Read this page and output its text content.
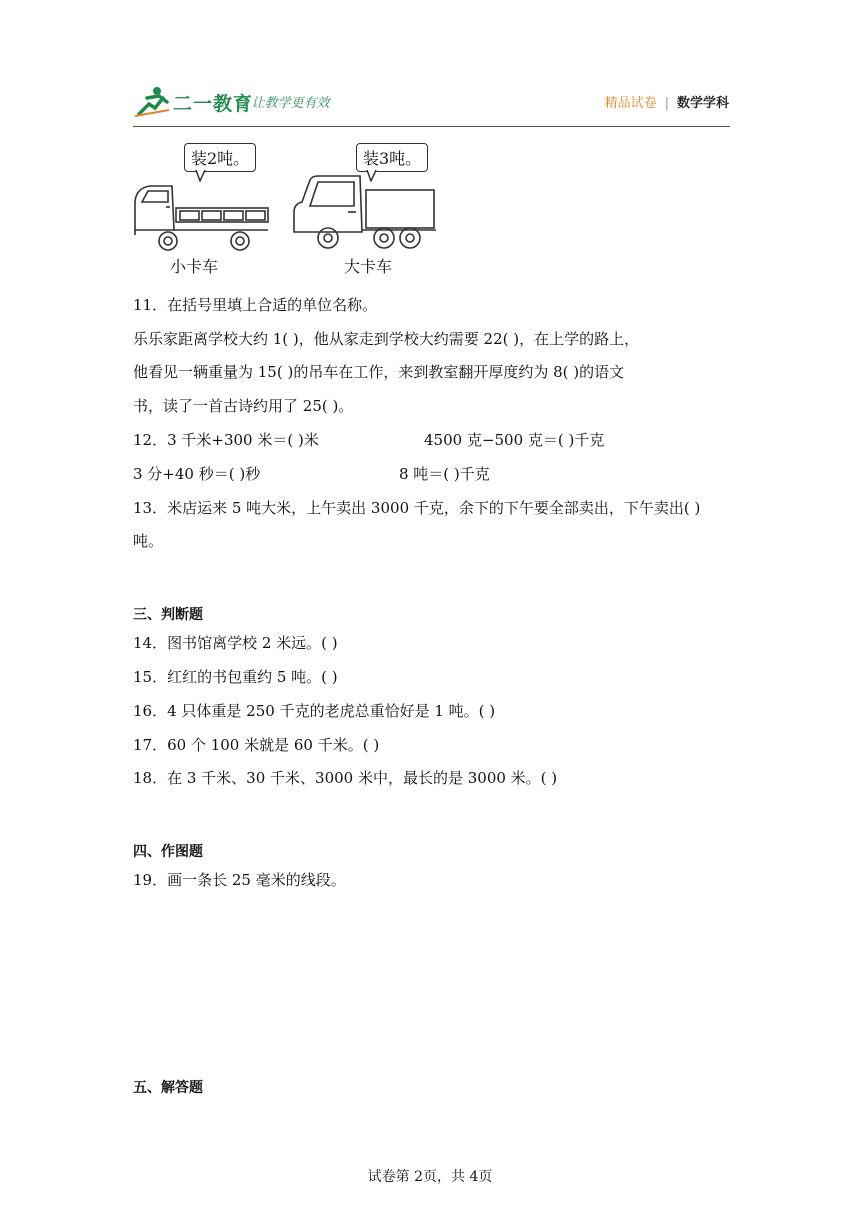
二一教育
/ 让教学更有效	精品试卷 | 数学学科
装2吨。	装3吨。
小卡车	大卡车
11．在括号里填上合适的单位名称。
乐乐家距离学校大约 1( )，他从家走到学校大约需要 22( )，在上学的路上，
他看见一辆重量为 15( )的吊车在工作，来到教室翻开厚度约为 8( )的语文
书，读了一首古诗约用了 25( )。
12．3 千米+300 米＝( )米	4500 克−500 克＝( )千克
3 分+40 秒＝( )秒	8 吨＝( )千克
13．米店运来 5 吨大米，上午卖出 3000 千克，余下的下午要全部卖出，下午卖出( )
吨。
三、判断题
14．图书馆离学校 2 米远。( )
15．红红的书包重约 5 吨。( )
16．4 只体重是 250 千克的老虎总重恰好是 1 吨。( )
17．60 个 100 米就是 60 千米。( )
18．在 3 千米、30 千米、3000 米中，最长的是 3000 米。( )
四、作图题
19．画一条长 25 毫米的线段。
五、解答题
试卷第 2页，共 4页
